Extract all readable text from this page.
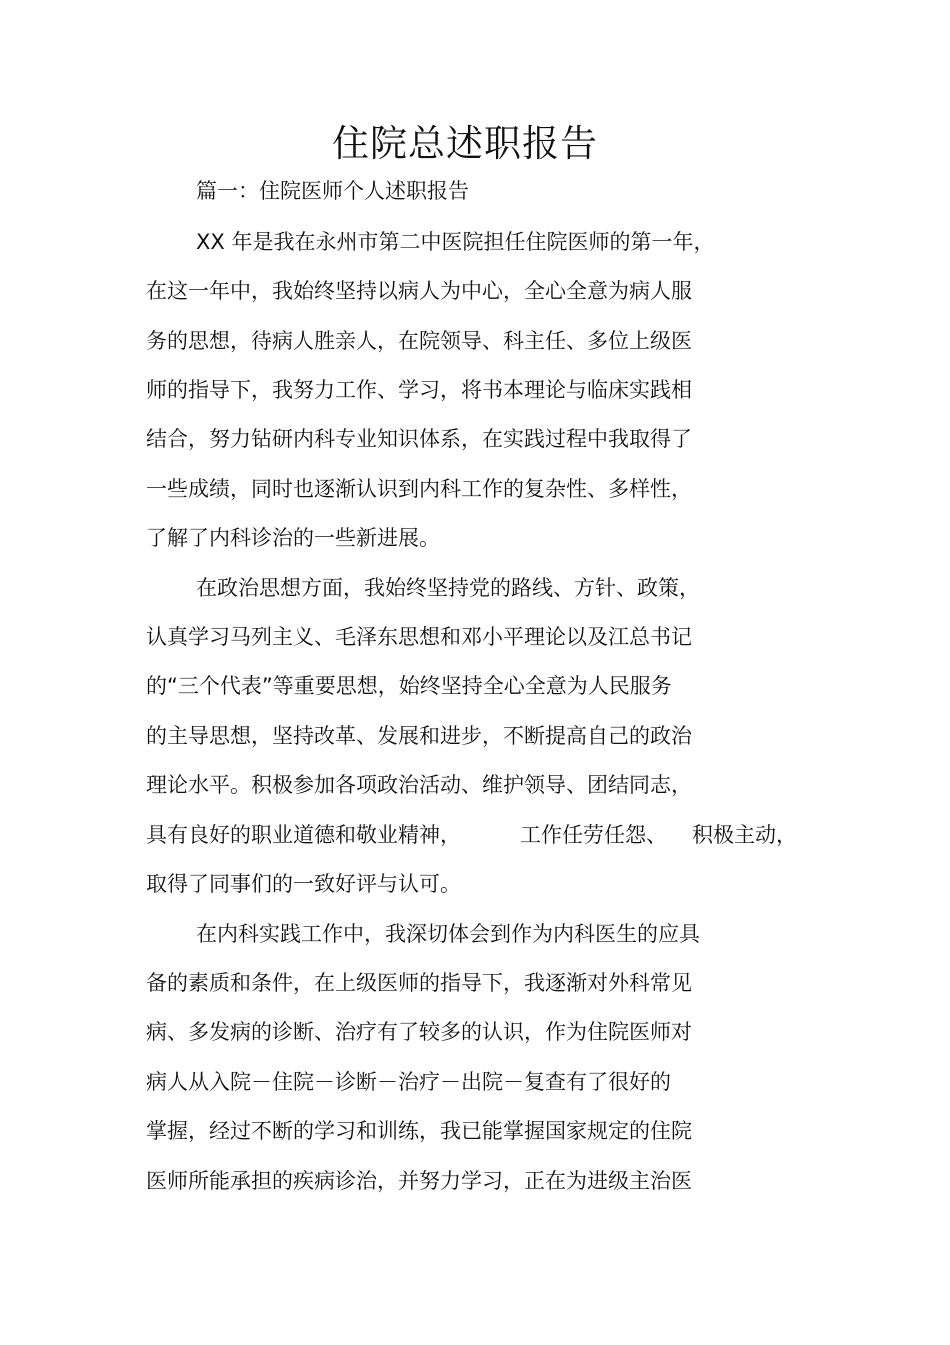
住院总述职报告

篇一：住院医师个人述职报告

XX 年是我在永州市第二中医院担任住院医师的第一年，

在这一年中，我始终坚持以病人为中心，全心全意为病人服

务的思想，待病人胜亲人，在院领导、科主任、多位上级医

师的指导下，我努力工作、学习，将书本理论与临床实践相

结合，努力钻研内科专业知识体系，在实践过程中我取得了

一些成绩，同时也逐渐认识到内科工作的复杂性、多样性，

了解了内科诊治的一些新进展。

在政治思想方面，我始终坚持党的路线、方针、政策，

认真学习马列主义、毛泽东思想和邓小平理论以及江总书记

的“三个代表”等重要思想，始终坚持全心全意为人民服务

的主导思想，坚持改革、发展和进步，不断提高自己的政治

理论水平。积极参加各项政治活动、维护领导、团结同志，

具有良好的职业道德和敬业精神，	工作任劳任怨、 积极主动，

取得了同事们的一致好评与认可。

在内科实践工作中，我深切体会到作为内科医生的应具

备的素质和条件，在上级医师的指导下，我逐渐对外科常见

病、多发病的诊断、治疗有了较多的认识，作为住院医师对

病人从入院－住院－诊断－治疗－出院－复查有了很好的

掌握，经过不断的学习和训练，我已能掌握国家规定的住院

医师所能承担的疾病诊治，并努力学习，正在为进级主治医
